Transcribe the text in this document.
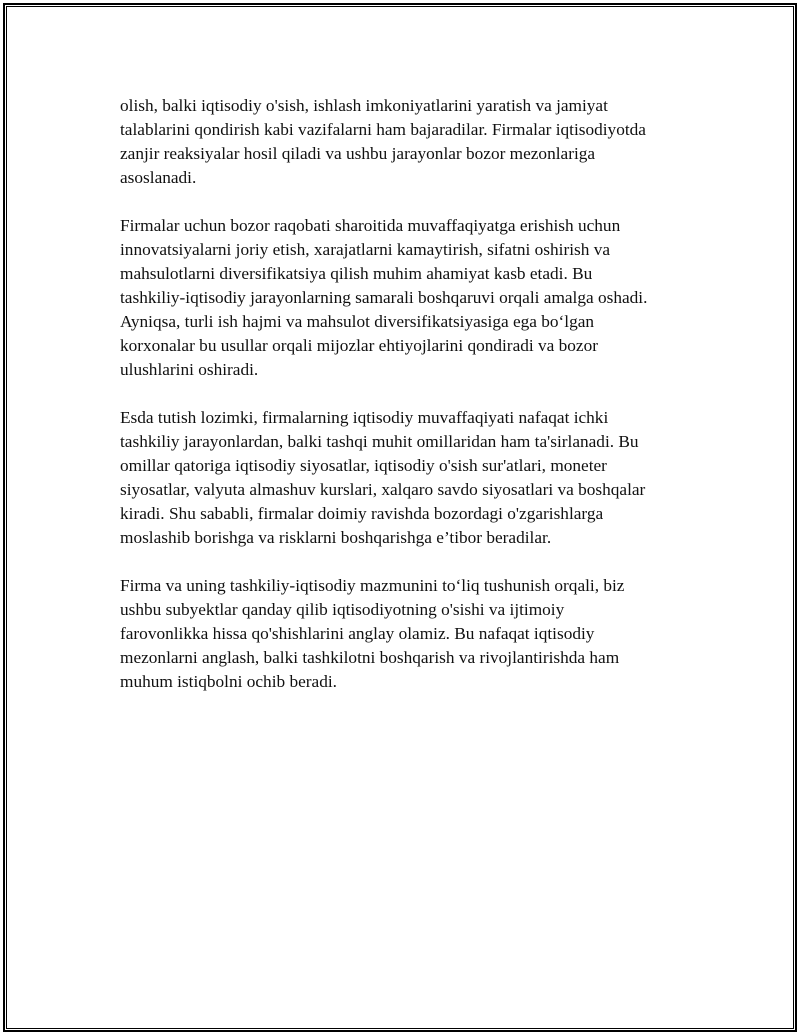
olish, balki iqtisodiy o'sish, ishlash imkoniyatlarini yaratish va jamiyat
talablarini qondirish kabi vazifalarni ham bajaradilar. Firmalar iqtisodiyotda
zanjir reaksiyalar hosil qiladi va ushbu jarayonlar bozor mezonlariga
asoslanadi.

Firmalar uchun bozor raqobati sharoitida muvaffaqiyatga erishish uchun
innovatsiyalarni joriy etish, xarajatlarni kamaytirish, sifatni oshirish va
mahsulotlarni diversifikatsiya qilish muhim ahamiyat kasb etadi. Bu
tashkiliy-iqtisodiy jarayonlarning samarali boshqaruvi orqali amalga oshadi.
Ayniqsa, turli ish hajmi va mahsulot diversifikatsiyasiga ega bo‘lgan
korxonalar bu usullar orqali mijozlar ehtiyojlarini qondiradi va bozor
ulushlarini oshiradi.

Esda tutish lozimki, firmalarning iqtisodiy muvaffaqiyati nafaqat ichki
tashkiliy jarayonlardan, balki tashqi muhit omillaridan ham ta'sirlanadi. Bu
omillar qatoriga iqtisodiy siyosatlar, iqtisodiy o'sish sur'atlari, moneter
siyosatlar, valyuta almashuv kurslari, xalqaro savdo siyosatlari va boshqalar
kiradi. Shu sababli, firmalar doimiy ravishda bozordagi o'zgarishlarga
moslashib borishga va risklarni boshqarishga e’tibor beradilar.

Firma va uning tashkiliy-iqtisodiy mazmunini to‘liq tushunish orqali, biz
ushbu subyektlar qanday qilib iqtisodiyotning o'sishi va ijtimoiy
farovonlikka hissa qo'shishlarini anglay olamiz. Bu nafaqat iqtisodiy
mezonlarni anglash, balki tashkilotni boshqarish va rivojlantirishda ham
muhum istiqbolni ochib beradi.
